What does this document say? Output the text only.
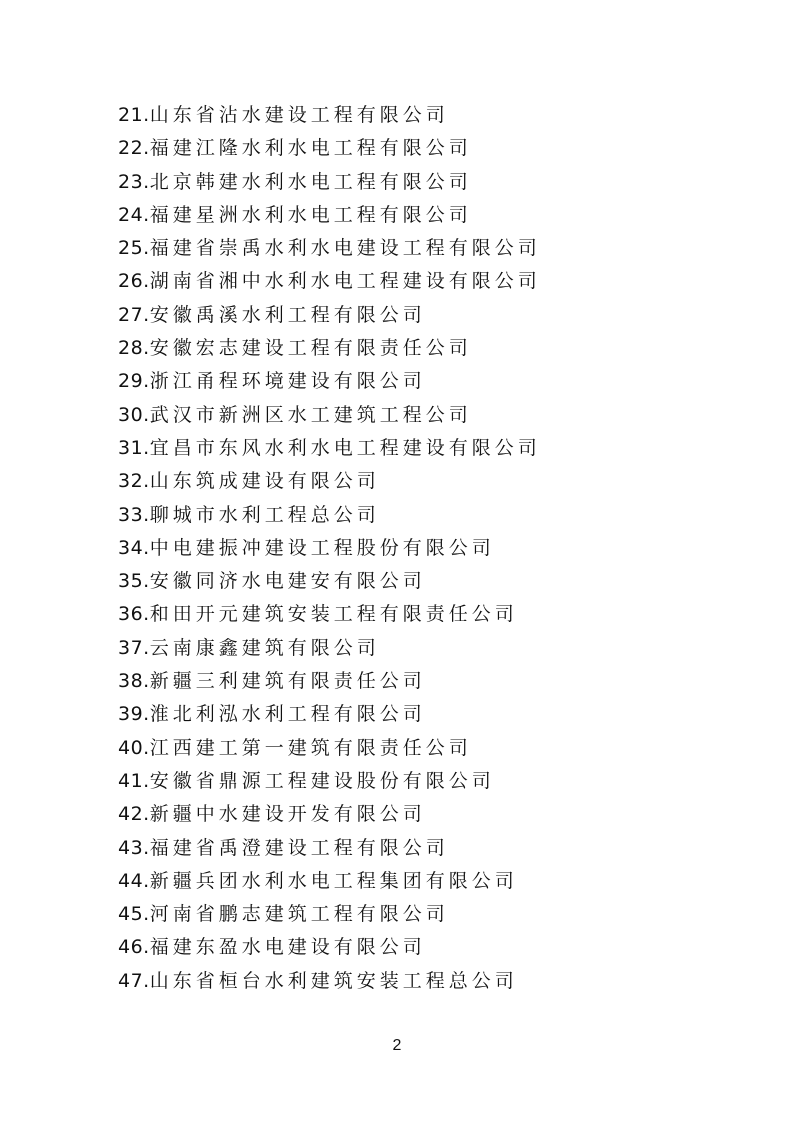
21.山东省沾水建设工程有限公司
22.福建江隆水利水电工程有限公司
23.北京韩建水利水电工程有限公司
24.福建星洲水利水电工程有限公司
25.福建省崇禹水利水电建设工程有限公司
26.湖南省湘中水利水电工程建设有限公司
27.安徽禹溪水利工程有限公司
28.安徽宏志建设工程有限责任公司
29.浙江甬程环境建设有限公司
30.武汉市新洲区水工建筑工程公司
31.宜昌市东风水利水电工程建设有限公司
32.山东筑成建设有限公司
33.聊城市水利工程总公司
34.中电建振冲建设工程股份有限公司
35.安徽同济水电建安有限公司
36.和田开元建筑安装工程有限责任公司
37.云南康鑫建筑有限公司
38.新疆三利建筑有限责任公司
39.淮北利泓水利工程有限公司
40.江西建工第一建筑有限责任公司
41.安徽省鼎源工程建设股份有限公司
42.新疆中水建设开发有限公司
43.福建省禹澄建设工程有限公司
44.新疆兵团水利水电工程集团有限公司
45.河南省鹏志建筑工程有限公司
46.福建东盈水电建设有限公司
47.山东省桓台水利建筑安装工程总公司
2
